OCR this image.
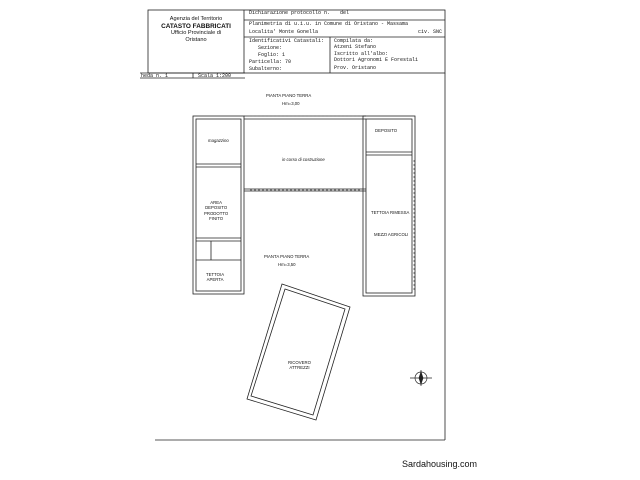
Agenzia del Territorio
CATASTO FABBRICATI
Ufficio Provinciale di
Oristano
Dichiarazione protocollo n. del
Planimetria di u.i.u. in Comune di Oristano - Massama
Localita' Monte Gonella	civ. SNC
Identificativi Catastali:
Sezione:
Foglio: 1
Particella: 70
Subalterno:
Compilata da:
Atzeni Stefano
Iscritto all'albo:
Dottori Agronomi E Forestali
Prov. Oristano
heda n. 1	Scala 1:200
PIANTA PIANO TERRA
Hm=3,00
magazzino
in corso di costruzione
DEPOSITO
AREA
DEPOSITO
PRODOTTO
FINITO
TETTOIA RIMESSA
MEZZI AGRICOLI
TETTOIA
APERTA
PIANTA PIANO TERRA
Hm=3,50
RICOVERO
ATTREZZI
Sardahousing.com
